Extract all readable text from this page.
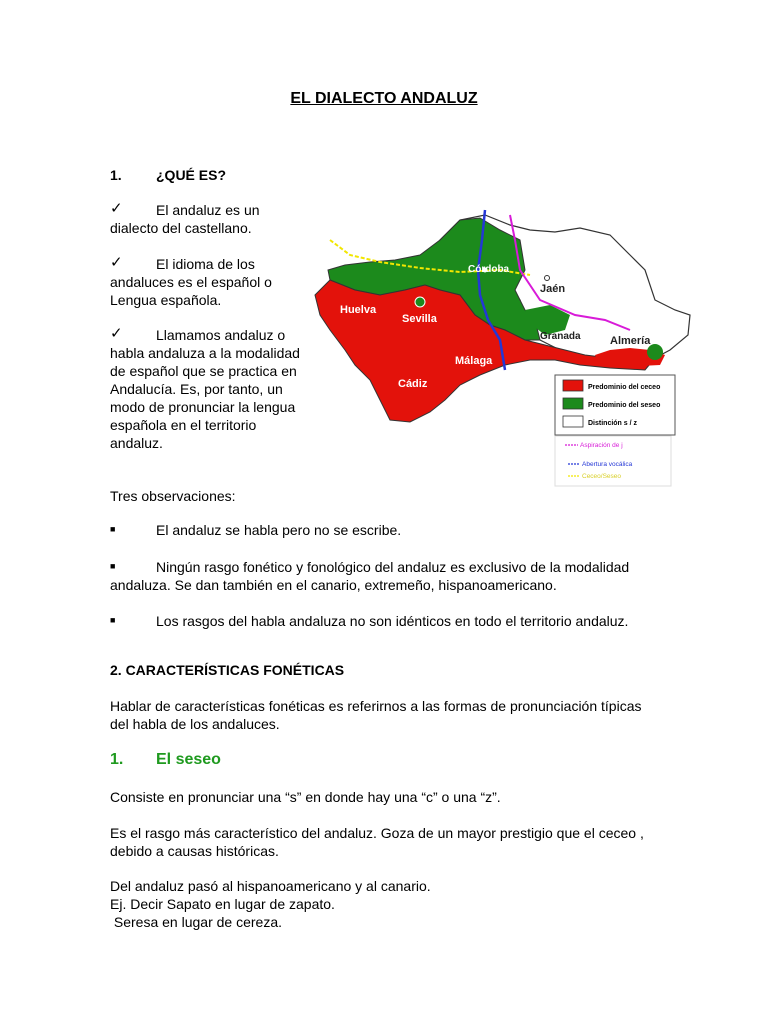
EL DIALECTO ANDALUZ
1. ¿QUÉ ES?
✓ El andaluz es un
dialecto del castellano.
✓ El idioma de los
andaluces es el español o
Lengua española.
✓ Llamamos andaluz o
habla andaluza a la modalidad
de español que se practica en
Andalucía. Es, por tanto, un
modo de pronunciar la lengua
española en el territorio
andaluz.
Córdoba
Jaén
Huelva
Sevilla
Granada	Almería
Málaga
Cádiz	Predominio del ceceo
Predominio del seseo
Distinción s / z
Aspiración de j
Abertura vocálica
Ceceo/Seseo
Tres observaciones:
■	El andaluz se habla pero no se escribe.
■	Ningún rasgo fonético y fonológico del andaluz es exclusivo de la modalidad
andaluza. Se dan también en el canario, extremeño, hispanoamericano.
■	Los rasgos del habla andaluza no son idénticos en todo el territorio andaluz.
2. CARACTERÍSTICAS FONÉTICAS
Hablar de características fonéticas es referirnos a las formas de pronunciación típicas
del habla de los andaluces.
1. El seseo
Consiste en pronunciar una “s” en donde hay una “c” o una “z”.
Es el rasgo más característico del andaluz. Goza de un mayor prestigio que el ceceo ,
debido a causas históricas.
Del andaluz pasó al hispanoamericano y al canario.
Ej. Decir Sapato en lugar de zapato.
Seresa en lugar de cereza.
